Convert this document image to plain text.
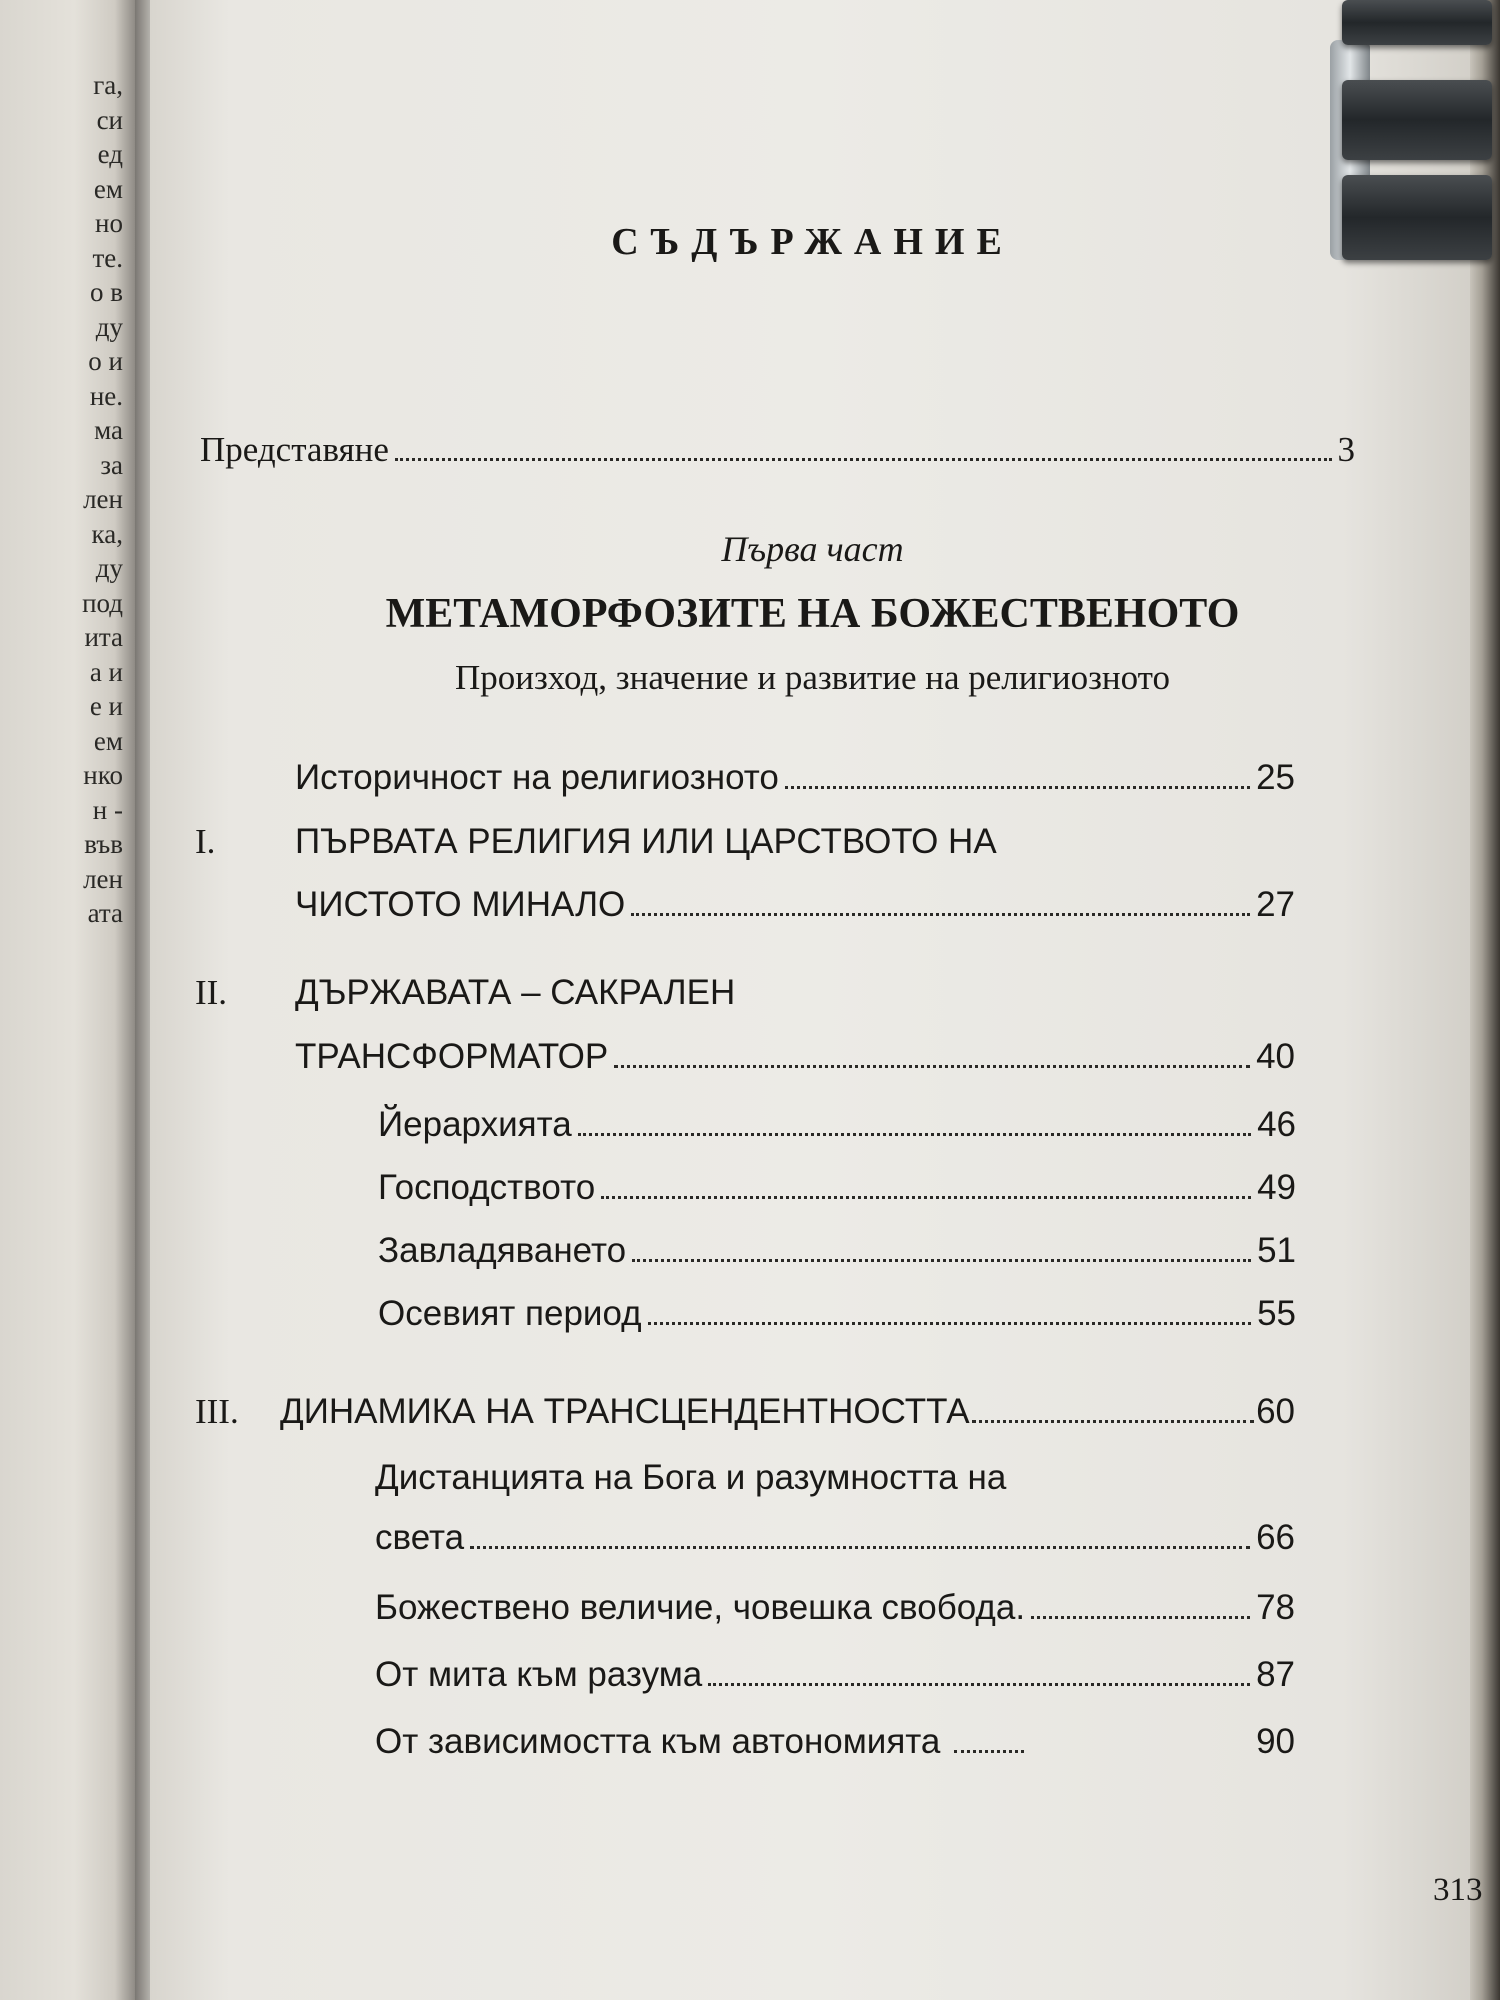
га,
си
ед
ем
но
те.
о в
ду
о и
не.
ма
за
лен
ка,
ду
под
ита
а и
е и
ем
нко
н -
във
лен
ата
СЪДЪРЖАНИЕ
Представяне	3
Първа част
МЕТАМОРФОЗИТЕ НА БОЖЕСТВЕНОТО
Произход, значение и развитие на религиозното
Историчност на религиозното	25
I. ПЪРВАТА РЕЛИГИЯ ИЛИ ЦАРСТВОТО НА
ЧИСТОТО МИНАЛО	27
II. ДЪРЖАВАТА – САКРАЛЕН
ТРАНСФОРМАТОР	40
Йерархията	46
Господството	49
Завладяването	51
Осевият период	55
III. ДИНАМИКА НА ТРАНСЦЕНДЕНТНОСТТА	60
Дистанцията на Бога и разумността на
света	66
Божествено величие, човешка свобода.	78
От мита към разума	87
От зависимостта към автономията	90
313
